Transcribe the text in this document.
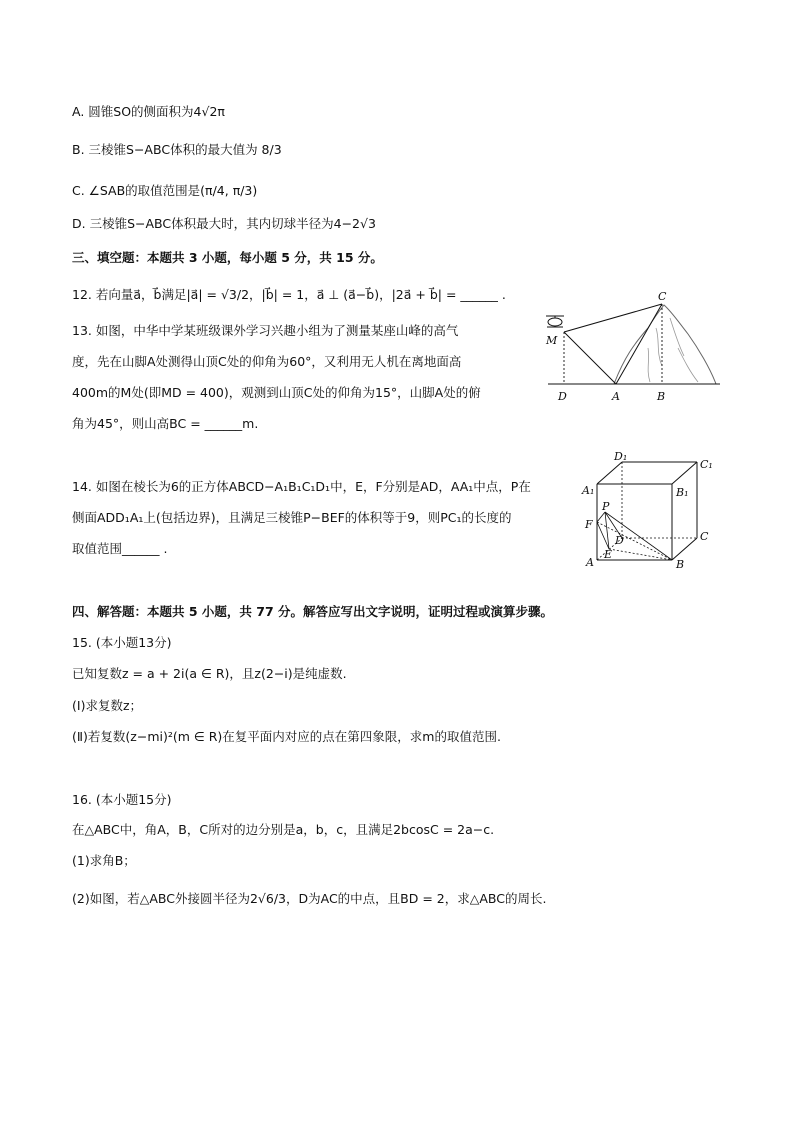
A. 圆锥SO的侧面积为4√2π
B. 三棱锥S−ABC体积的最大值为 8/3
C. ∠SAB的取值范围是(π/4, π/3)
D. 三棱锥S−ABC体积最大时，其内切球半径为4−2√3
三、填空题：本题共 3 小题，每小题 5 分，共 15 分。
12. 若向量a⃗，b⃗满足|a⃗| = √3/2，|b⃗| = 1，a⃗ ⊥ (a⃗−b⃗)，|2a⃗ + b⃗| = ______ .
13. 如图，中华中学某班级课外学习兴趣小组为了测量某座山峰的高气
度，先在山脚A处测得山顶C处的仰角为60°，又利用无人机在离地面高
400m的M处(即MD = 400)，观测到山顶C处的仰角为15°，山脚A处的俯
角为45°，则山高BC = ______m.
C
M
D	A	B
14. 如图在棱长为6的正方体ABCD−A₁B₁C₁D₁中，E，F分别是AD，AA₁中点，P在
侧面ADD₁A₁上(包括边界)，且满足三棱锥P−BEF的体积等于9，则PC₁的长度的
取值范围______ .
D₁
C₁
A₁	B₁
P
F
D	C
E
A	B
四、解答题：本题共 5 小题，共 77 分。解答应写出文字说明，证明过程或演算步骤。
15. (本小题13分)
已知复数z = a + 2i(a ∈ R)，且z(2−i)是纯虚数.
(Ⅰ)求复数z；
(Ⅱ)若复数(z−mi)²(m ∈ R)在复平面内对应的点在第四象限，求m的取值范围.
16. (本小题15分)
在△ABC中，角A，B，C所对的边分别是a，b，c，且满足2bcosC = 2a−c.
(1)求角B；
(2)如图，若△ABC外接圆半径为2√6/3，D为AC的中点，且BD = 2，求△ABC的周长.
